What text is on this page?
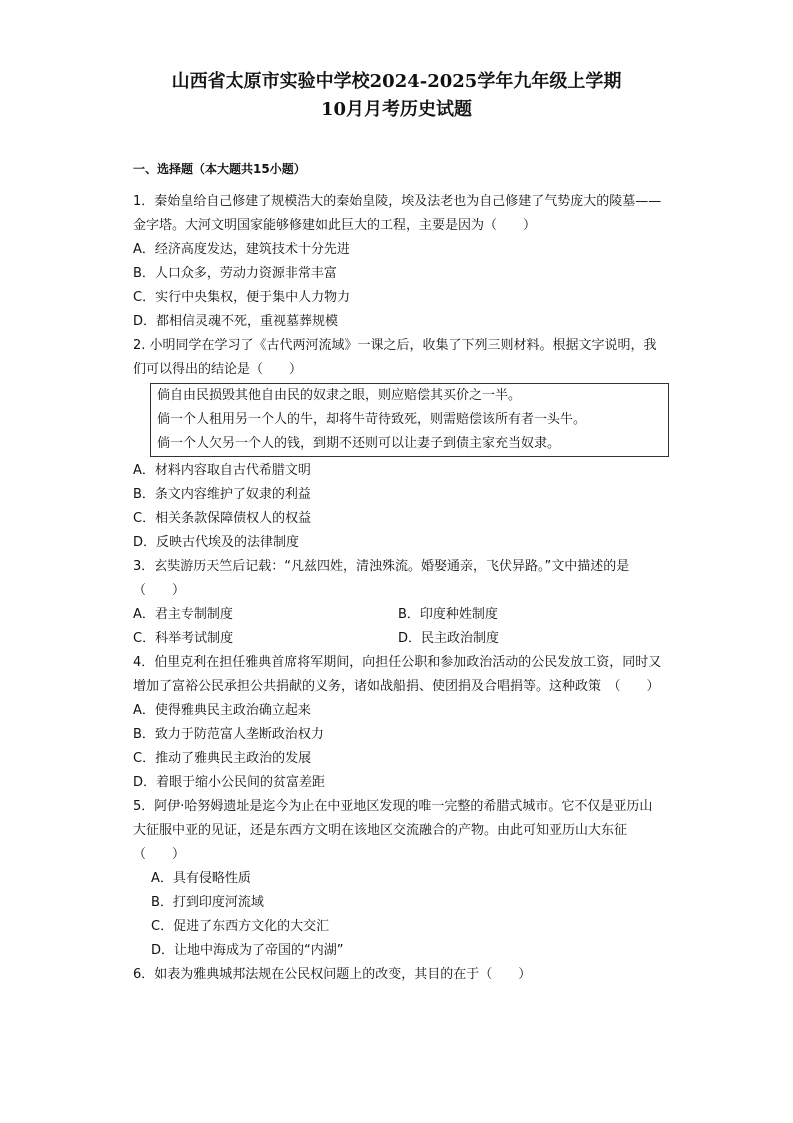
山西省太原市实验中学校2024-2025学年九年级上学期
10月月考历史试题
一、选择题（本大题共15小题）

1．秦始皇给自己修建了规模浩大的秦始皇陵，埃及法老也为自己修建了气势庞大的陵墓——金字塔。大河文明国家能够修建如此巨大的工程，主要是因为（　　）

A．经济高度发达，建筑技术十分先进

B．人口众多，劳动力资源非常丰富

C．实行中央集权，便于集中人力物力

D．都相信灵魂不死，重视墓葬规模

2. 小明同学在学习了《古代两河流域》一课之后，收集了下列三则材料。根据文字说明，我们可以得出的结论是（　　）

倘自由民损毁其他自由民的奴隶之眼，则应赔偿其买价之一半。

倘一个人租用另一个人的牛，却将牛苛待致死，则需赔偿该所有者一头牛。

倘一个人欠另一个人的钱，到期不还则可以让妻子到债主家充当奴隶。

A．材料内容取自古代希腊文明

B．条文内容维护了奴隶的利益

C．相关条款保障债权人的权益

D．反映古代埃及的法律制度

3．玄奘游历天竺后记载：“凡兹四姓，清浊殊流。婚娶通亲，飞伏异路。”文中描述的是（　　）

A．君主专制制度	B．印度种姓制度
C．科举考试制度	D．民主政治制度

4．伯里克利在担任雅典首席将军期间，向担任公职和参加政治活动的公民发放工资，同时又增加了富裕公民承担公共捐献的义务，诸如战船捐、使团捐及合唱捐等。这种政策　（　　）

A．使得雅典民主政治确立起来

B．致力于防范富人垄断政治权力

C．推动了雅典民主政治的发展

D．着眼于缩小公民间的贫富差距

5．阿伊·哈努姆遗址是迄今为止在中亚地区发现的唯一完整的希腊式城市。它不仅是亚历山大征服中亚的见证，还是东西方文明在该地区交流融合的产物。由此可知亚历山大东征（　　）

A．具有侵略性质

B．打到印度河流域

C．促进了东西方文化的大交汇

D．让地中海成为了帝国的“内湖”

6．如表为雅典城邦法规在公民权问题上的改变，其目的在于（　　）
